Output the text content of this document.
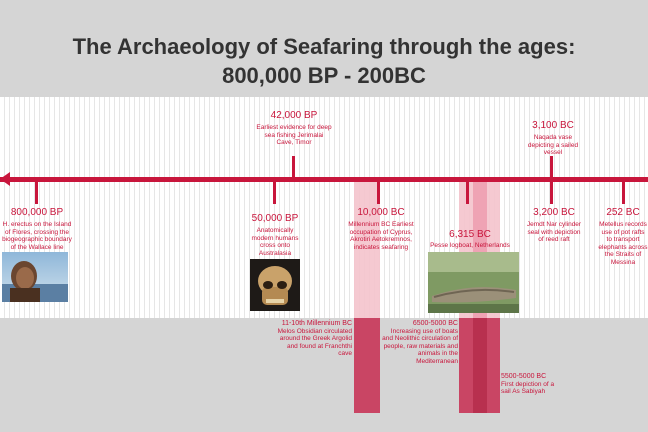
The Archaeology of Seafaring through the ages:
800,000 BP - 200BC
800,000 BP
H. erectus on the Island of Flores, crossing the biogeographic boundary of the Wallace line
42,000 BP
Earliest evidence for deep sea fishing Jerimalai Cave, Timor
50,000 BP
Anatomically modern humans cross onto Australasia
10,000 BC
Millennium BC Earliest occupation of Cyprus, Akrotiri Aetokremnos, indicates seafaring
6,315 BC
Pesse logboat, Netherlands
3,100 BC
Naqada vase depicting a sailed vessel
3,200 BC
Jemdt Nar cylinder seal with depiction of reed raft
252 BC
Metellus records use of pot rafts to transport elephants across the Straits of Messina
11-10th Millennium BC
Melos Obsidian circulated around the Greek Argolid and found at Franchthi cave
6500-5000 BC
Increasing use of boats and Neolithic circulation of people, raw materials and animals in the Mediterranean
5500-5000 BC
First depiction of a sail As Sabiyah
